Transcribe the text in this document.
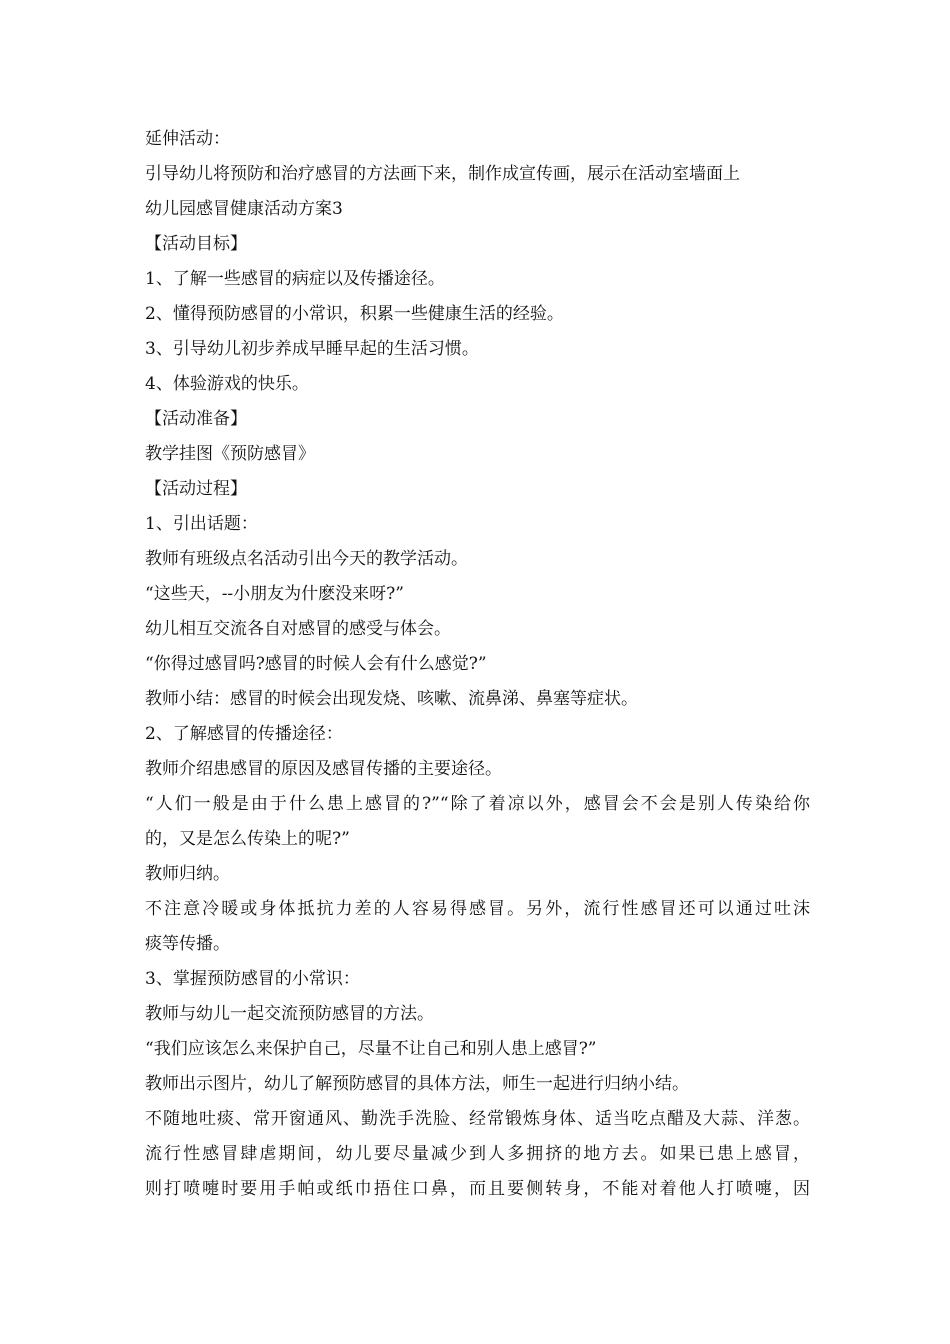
延伸活动：
引导幼儿将预防和治疗感冒的方法画下来，制作成宣传画，展示在活动室墙面上
幼儿园感冒健康活动方案3
【活动目标】
1、了解一些感冒的病症以及传播途径。
2、懂得预防感冒的小常识，积累一些健康生活的经验。
3、引导幼儿初步养成早睡早起的生活习惯。
4、体验游戏的快乐。
【活动准备】
教学挂图《预防感冒》
【活动过程】
1、引出话题：
教师有班级点名活动引出今天的教学活动。
“这些天，--小朋友为什麽没来呀?”
幼儿相互交流各自对感冒的感受与体会。
“你得过感冒吗?感冒的时候人会有什么感觉?”
教师小结：感冒的时候会出现发烧、咳嗽、流鼻涕、鼻塞等症状。
2、了解感冒的传播途径：
教师介绍患感冒的原因及感冒传播的主要途径。
“人们一般是由于什么患上感冒的?”“除了着凉以外，感冒会不会是别人传染给你
的，又是怎么传染上的呢?”
教师归纳。
不注意冷暖或身体抵抗力差的人容易得感冒。另外，流行性感冒还可以通过吐沫
痰等传播。
3、掌握预防感冒的小常识：
教师与幼儿一起交流预防感冒的方法。
“我们应该怎么来保护自己，尽量不让自己和别人患上感冒?”
教师出示图片，幼儿了解预防感冒的具体方法，师生一起进行归纳小结。
不随地吐痰、常开窗通风、勤洗手洗脸、经常锻炼身体、适当吃点醋及大蒜、洋葱。
流行性感冒肆虐期间，幼儿要尽量减少到人多拥挤的地方去。如果已患上感冒，
则打喷嚏时要用手帕或纸巾捂住口鼻，而且要侧转身，不能对着他人打喷嚏，因
